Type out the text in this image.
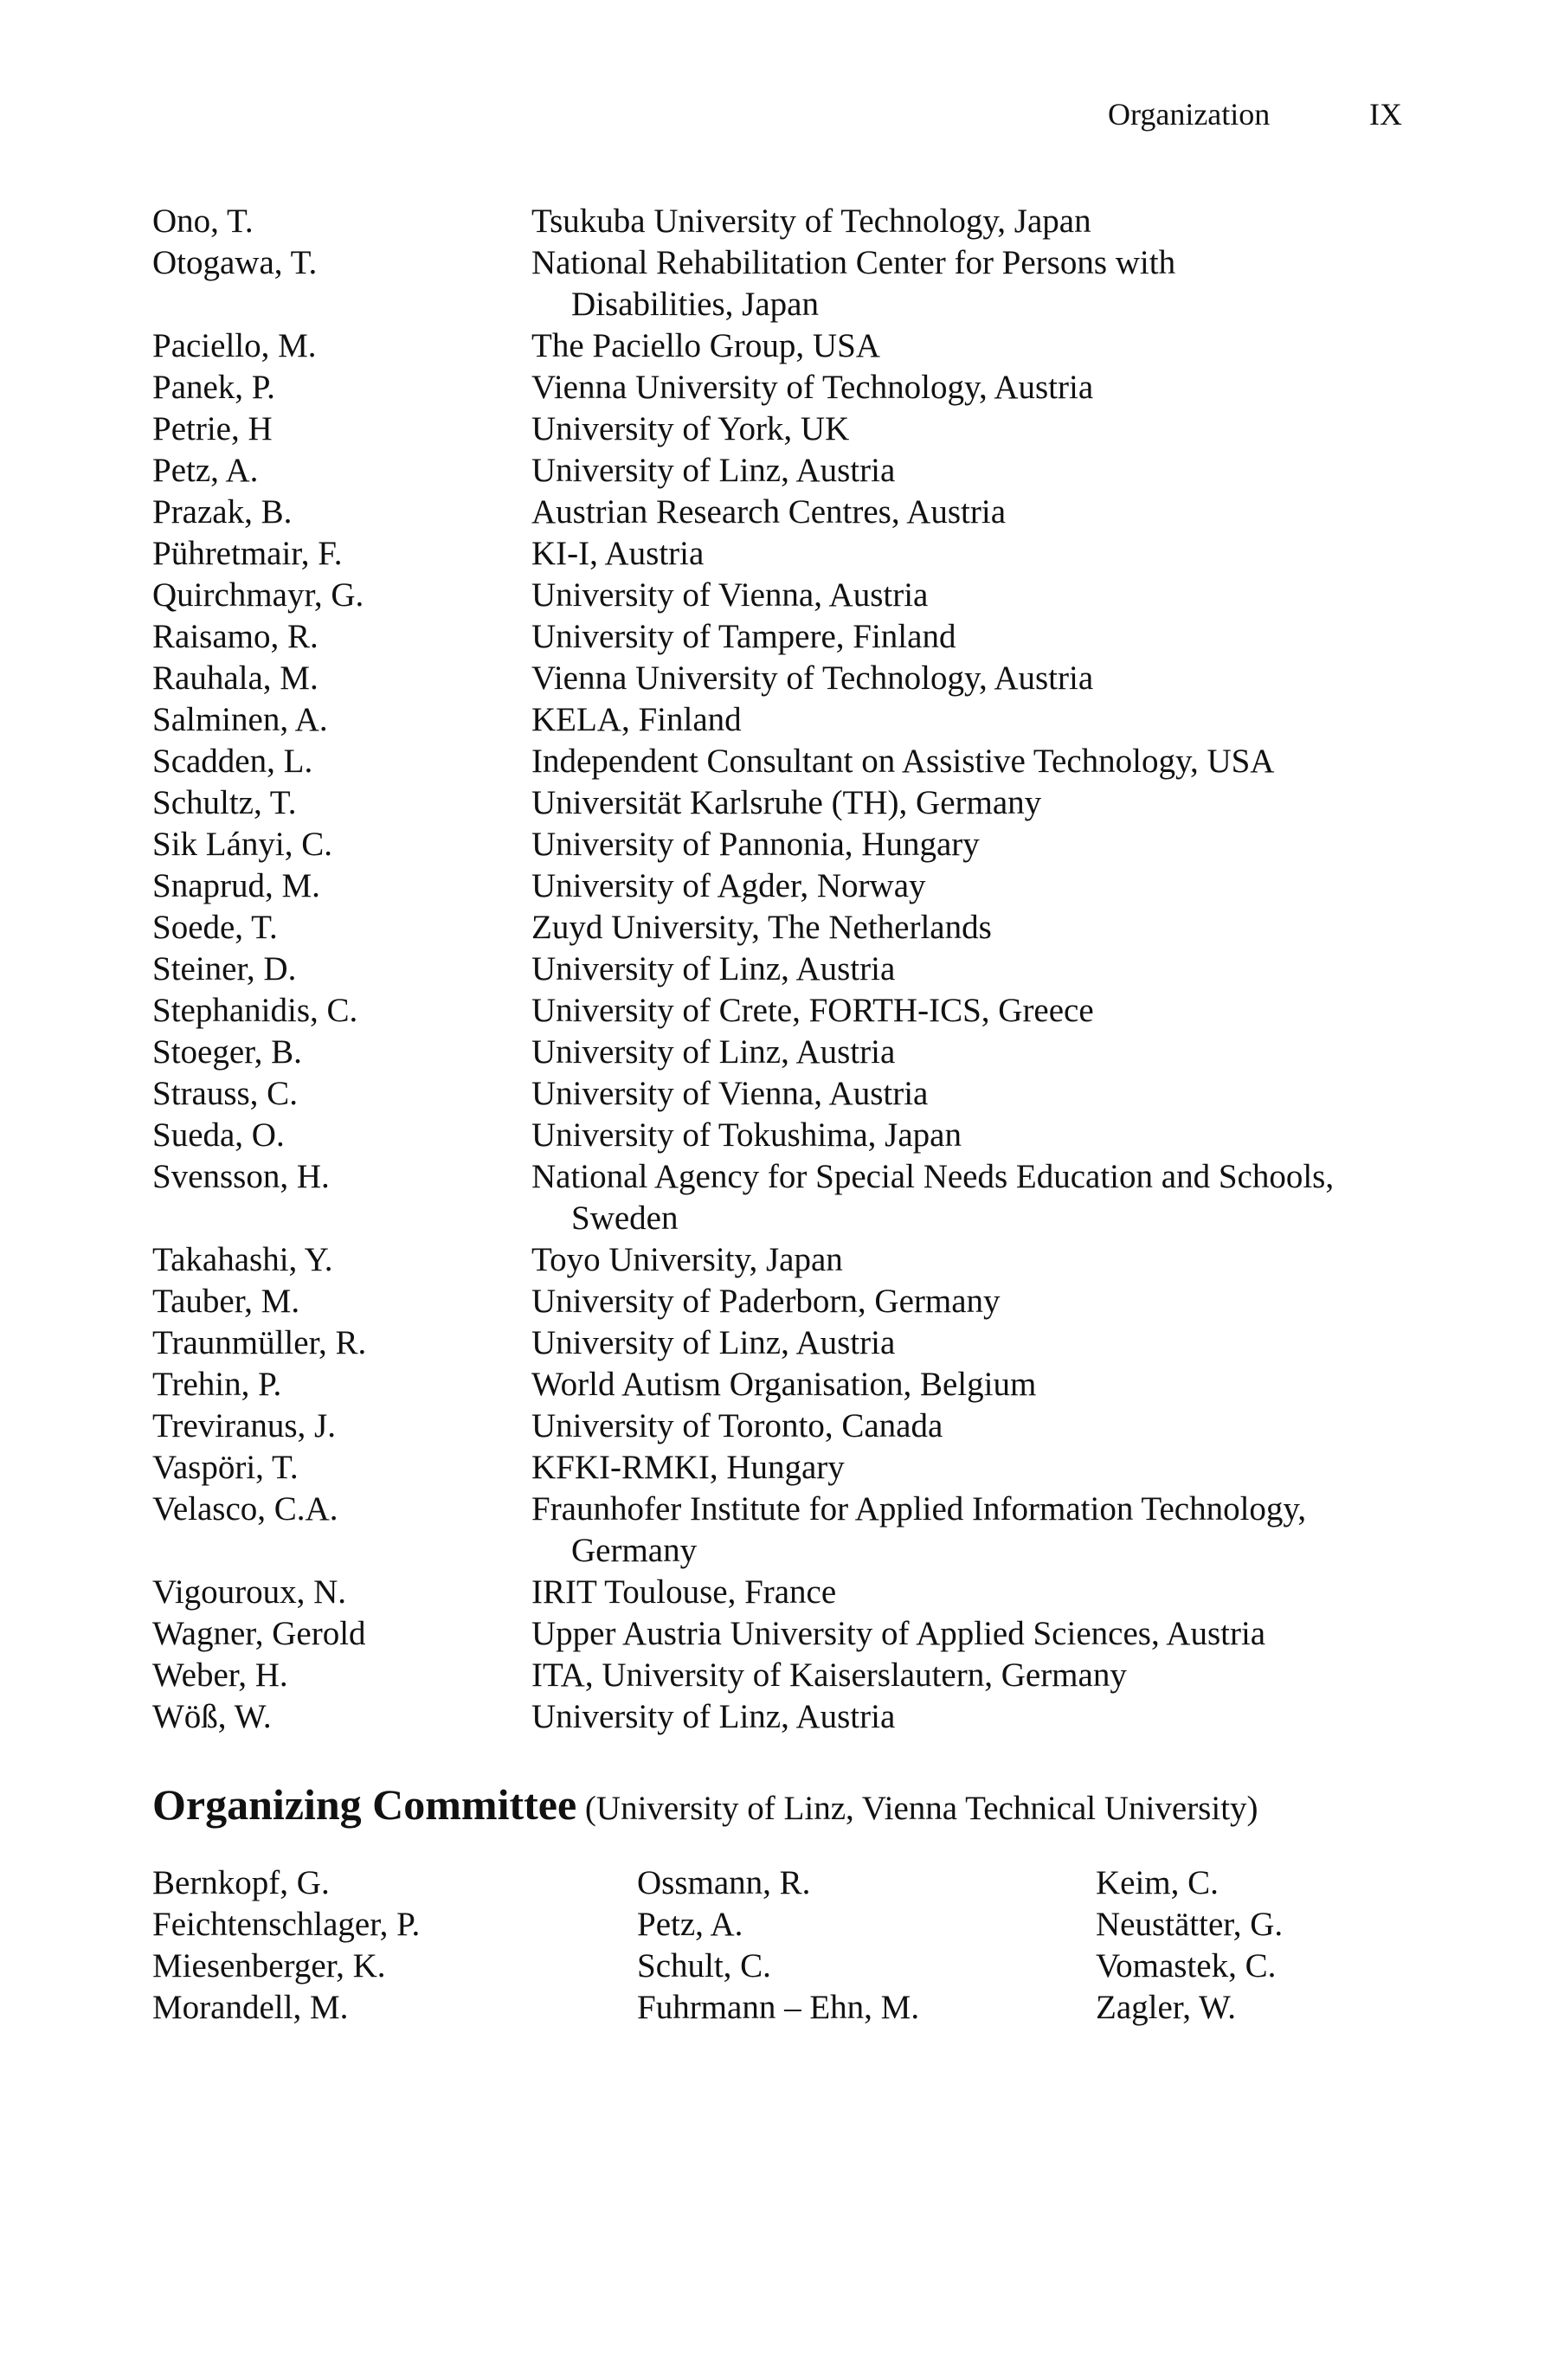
Organization	IX
Ono, T.	Tsukuba University of Technology, Japan
Otogawa, T.	National Rehabilitation Center for Persons with
Disabilities, Japan
Paciello, M.	The Paciello Group, USA
Panek, P.	Vienna University of Technology, Austria
Petrie, H	University of York, UK
Petz, A.	University of Linz, Austria
Prazak, B.	Austrian Research Centres, Austria
Pühretmair, F.	KI-I, Austria
Quirchmayr, G.	University of Vienna, Austria
Raisamo, R.	University of Tampere, Finland
Rauhala, M.	Vienna University of Technology, Austria
Salminen, A.	KELA, Finland
Scadden, L.	Independent Consultant on Assistive Technology, USA
Schultz, T.	Universität Karlsruhe (TH), Germany
Sik Lányi, C.	University of Pannonia, Hungary
Snaprud, M.	University of Agder, Norway
Soede, T.	Zuyd University, The Netherlands
Steiner, D.	University of Linz, Austria
Stephanidis, C.	University of Crete, FORTH-ICS, Greece
Stoeger, B.	University of Linz, Austria
Strauss, C.	University of Vienna, Austria
Sueda, O.	University of Tokushima, Japan
Svensson, H.	National Agency for Special Needs Education and Schools,
Sweden
Takahashi, Y.	Toyo University, Japan
Tauber, M.	University of Paderborn, Germany
Traunmüller, R.	University of Linz, Austria
Trehin, P.	World Autism Organisation, Belgium
Treviranus, J.	University of Toronto, Canada
Vaspöri, T.	KFKI-RMKI, Hungary
Velasco, C.A.	Fraunhofer Institute for Applied Information Technology,
Germany
Vigouroux, N.	IRIT Toulouse, France
Wagner, Gerold	Upper Austria University of Applied Sciences, Austria
Weber, H.	ITA, University of Kaiserslautern, Germany
Wöß, W.	University of Linz, Austria
Organizing Committee (University of Linz, Vienna Technical University)
Bernkopf, G.	Ossmann, R.	Keim, C.
Feichtenschlager, P.	Petz, A.	Neustätter, G.
Miesenberger, K.	Schult, C.	Vomastek, C.
Morandell, M.	Fuhrmann – Ehn, M.	Zagler, W.
